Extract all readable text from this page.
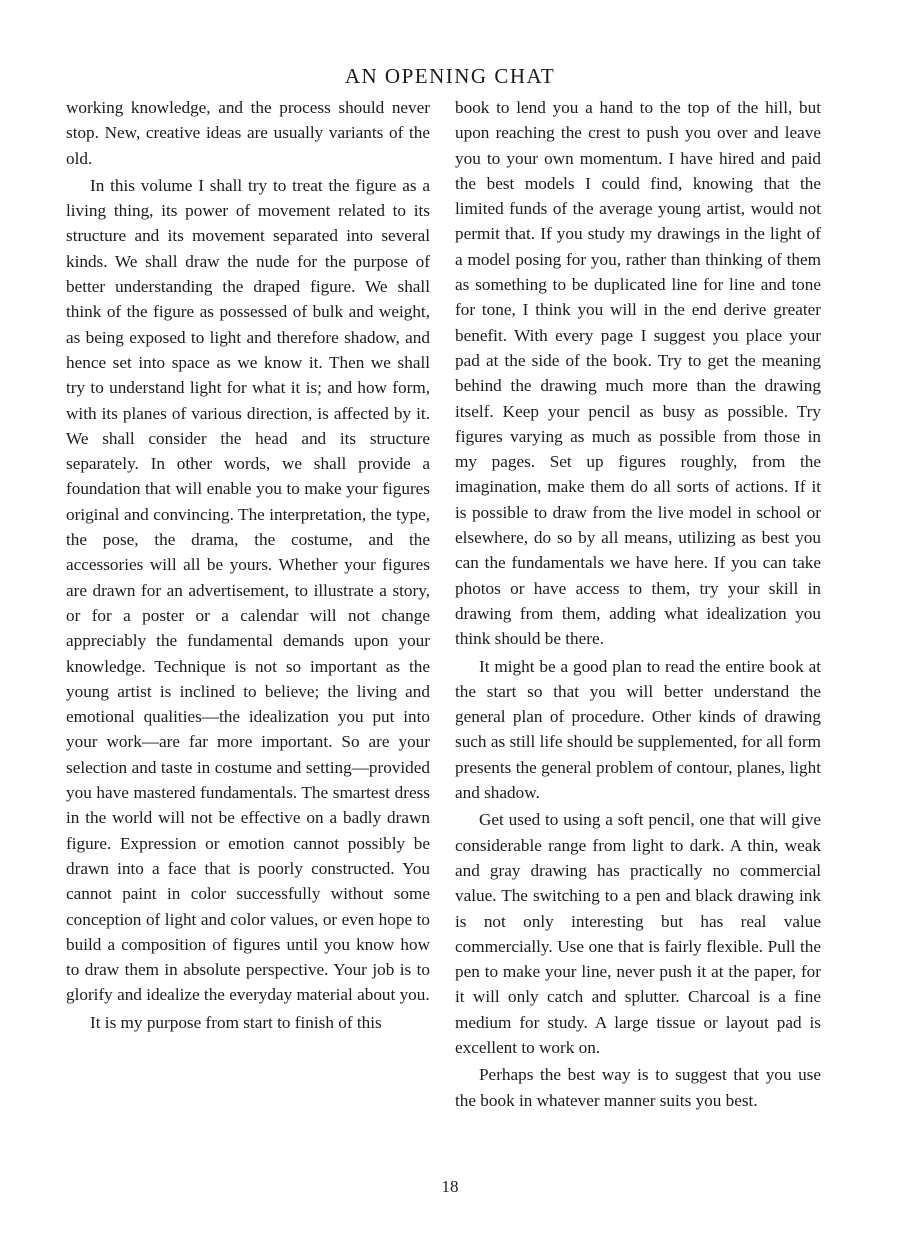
AN OPENING CHAT

working knowledge, and the process should never stop. New, creative ideas are usually variants of the old.

In this volume I shall try to treat the figure as a living thing, its power of movement related to its structure and its movement separated into several kinds. We shall draw the nude for the purpose of better understanding the draped figure. We shall think of the figure as possessed of bulk and weight, as being exposed to light and therefore shadow, and hence set into space as we know it. Then we shall try to understand light for what it is; and how form, with its planes of various direction, is affected by it. We shall consider the head and its structure separately. In other words, we shall provide a foundation that will enable you to make your figures original and convincing. The interpretation, the type, the pose, the drama, the costume, and the accessories will all be yours. Whether your figures are drawn for an advertisement, to illustrate a story, or for a poster or a calendar will not change appreciably the fundamental demands upon your knowledge. Technique is not so important as the young artist is inclined to believe; the living and emotional qualities—the idealization you put into your work—are far more important. So are your selection and taste in costume and setting—provided you have mastered fundamentals. The smartest dress in the world will not be effective on a badly drawn figure. Expression or emotion cannot possibly be drawn into a face that is poorly constructed. You cannot paint in color successfully without some conception of light and color values, or even hope to build a composition of figures until you know how to draw them in absolute perspective. Your job is to glorify and idealize the everyday material about you.

It is my purpose from start to finish of this

book to lend you a hand to the top of the hill, but upon reaching the crest to push you over and leave you to your own momentum. I have hired and paid the best models I could find, knowing that the limited funds of the average young artist, would not permit that. If you study my drawings in the light of a model posing for you, rather than thinking of them as something to be duplicated line for line and tone for tone, I think you will in the end derive greater benefit. With every page I suggest you place your pad at the side of the book. Try to get the meaning behind the drawing much more than the drawing itself. Keep your pencil as busy as possible. Try figures varying as much as possible from those in my pages. Set up figures roughly, from the imagination, make them do all sorts of actions. If it is possible to draw from the live model in school or elsewhere, do so by all means, utilizing as best you can the fundamentals we have here. If you can take photos or have access to them, try your skill in drawing from them, adding what idealization you think should be there.

It might be a good plan to read the entire book at the start so that you will better understand the general plan of procedure. Other kinds of drawing such as still life should be supplemented, for all form presents the general problem of contour, planes, light and shadow.

Get used to using a soft pencil, one that will give considerable range from light to dark. A thin, weak and gray drawing has practically no commercial value. The switching to a pen and black drawing ink is not only interesting but has real value commercially. Use one that is fairly flexible. Pull the pen to make your line, never push it at the paper, for it will only catch and splutter. Charcoal is a fine medium for study. A large tissue or layout pad is excellent to work on.

Perhaps the best way is to suggest that you use the book in whatever manner suits you best.

18
